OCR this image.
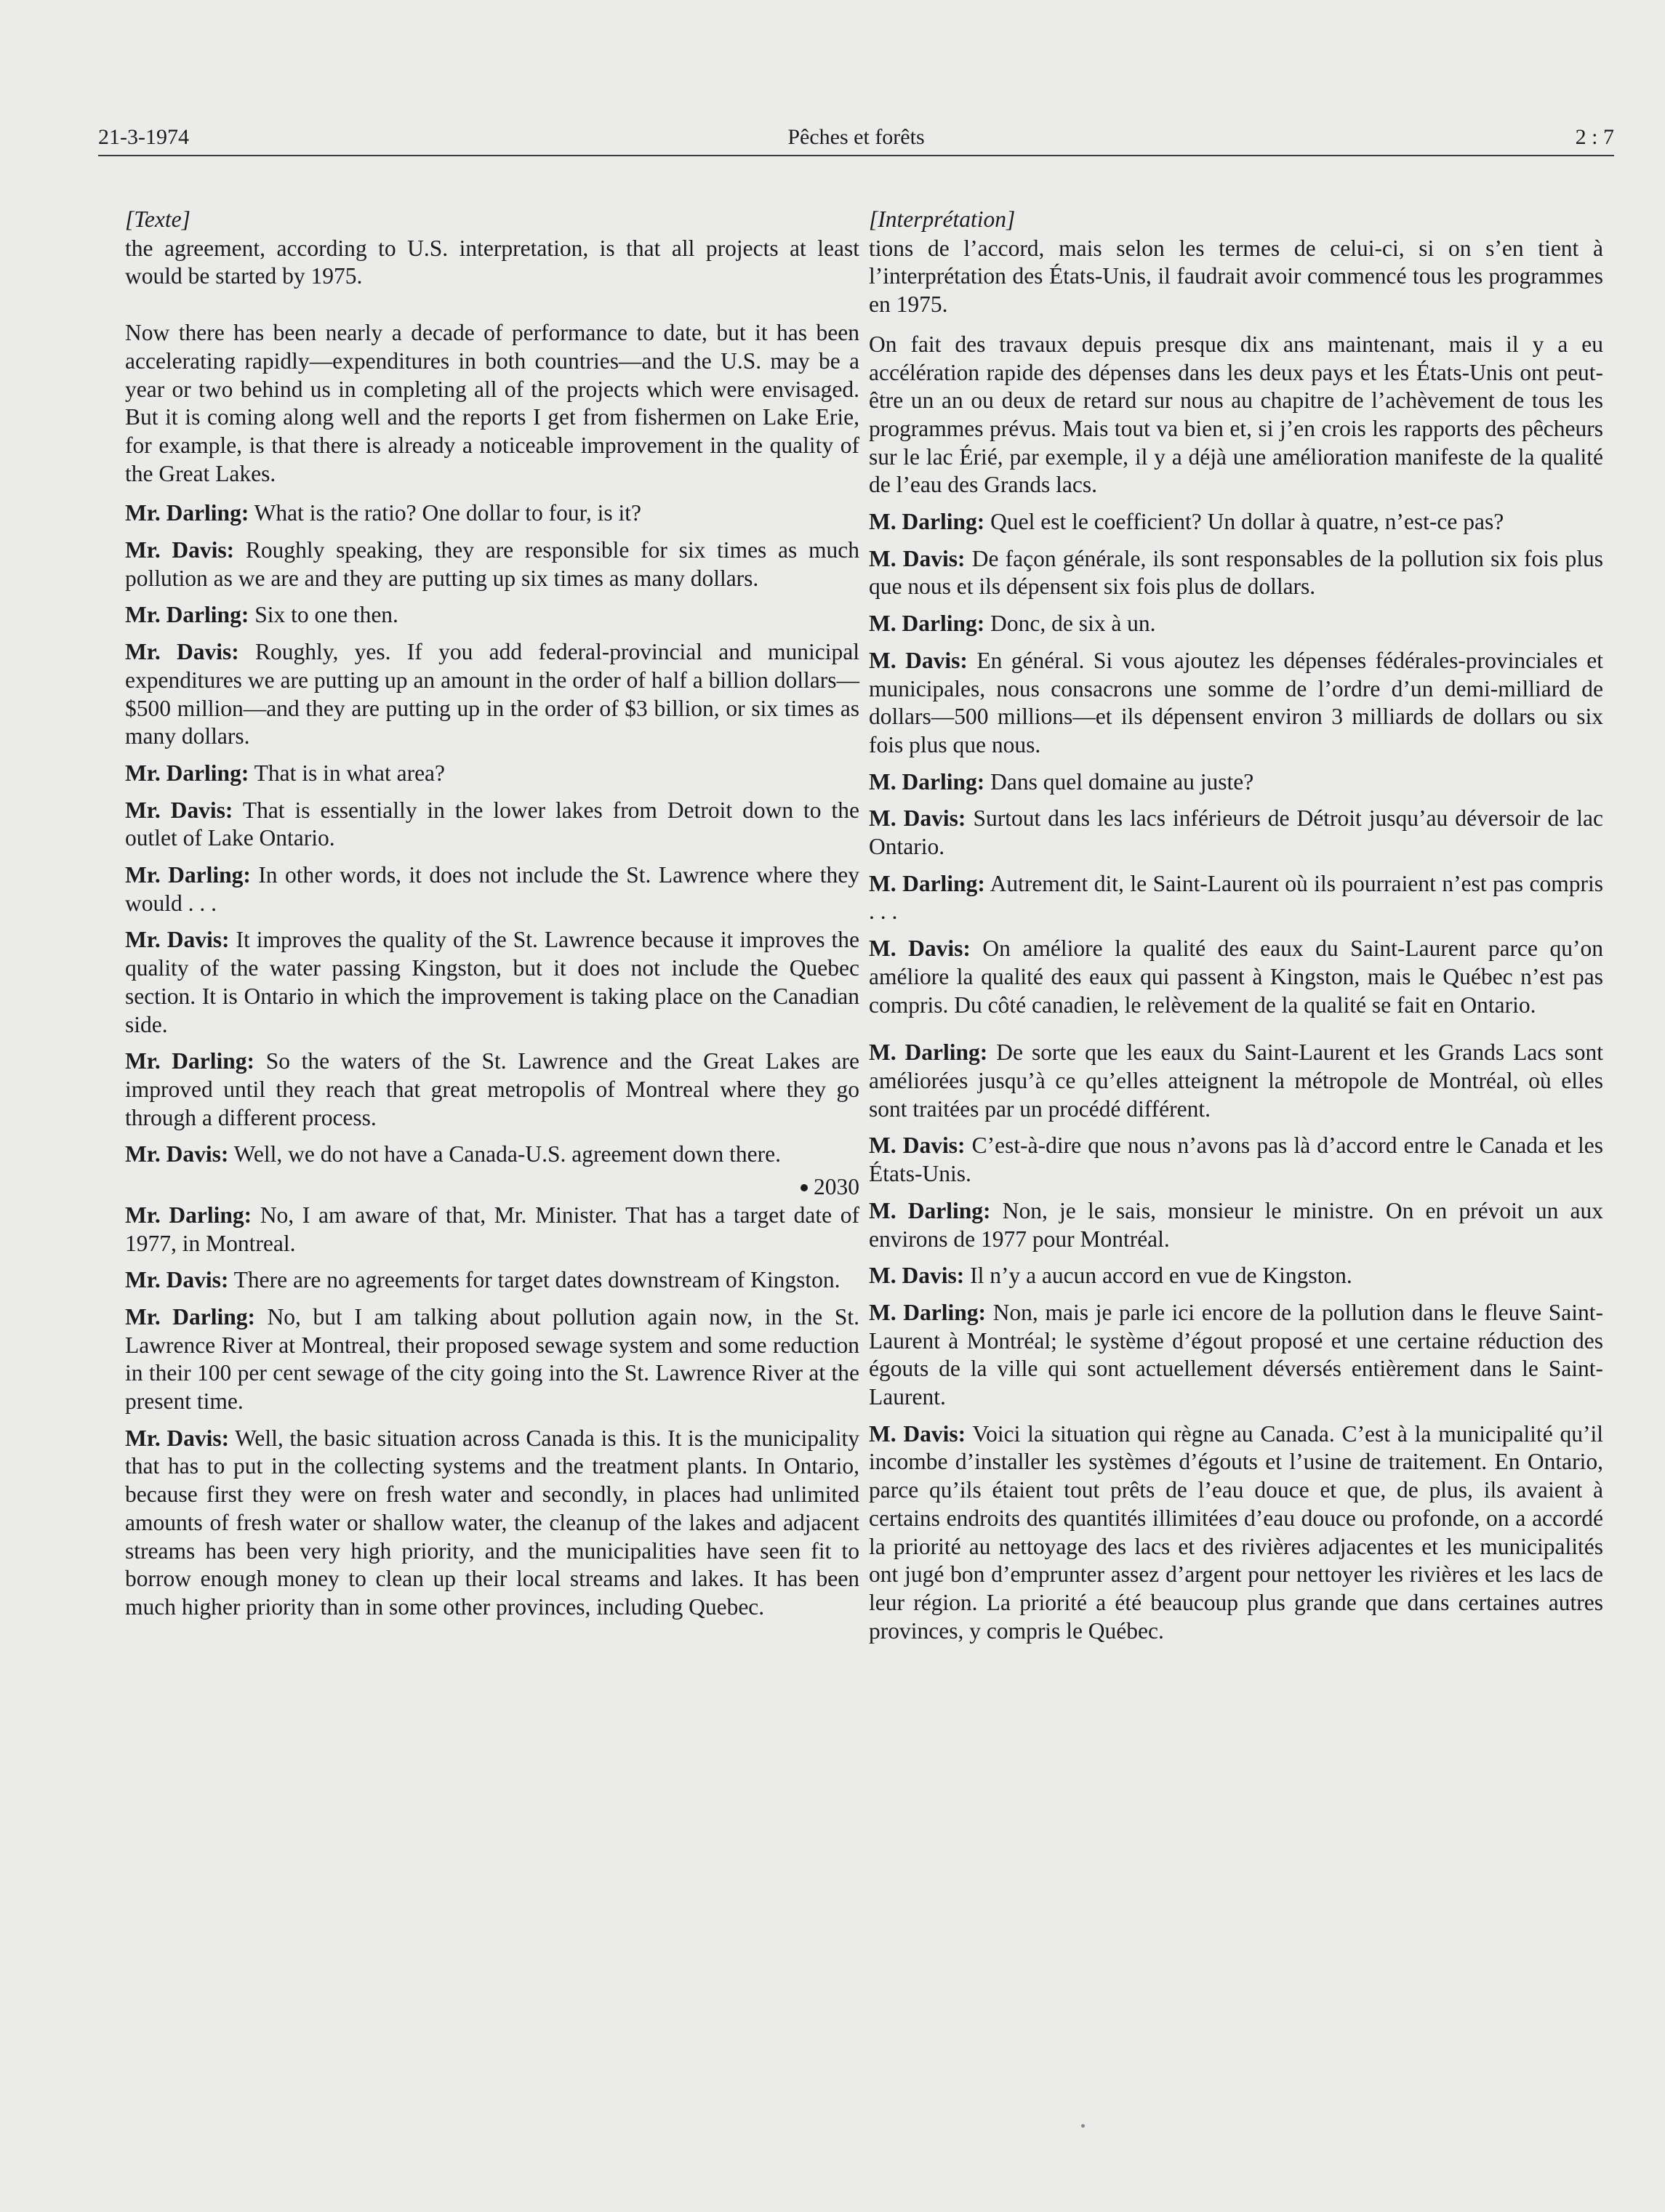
21-3-1974	Pêches et forêts	2 : 7
[Texte]
the agreement, according to U.S. interpretation, is that all projects at least would be started by 1975.
Now there has been nearly a decade of performance to date, but it has been accelerating rapidly—expenditures in both countries—and the U.S. may be a year or two behind us in completing all of the projects which were envisaged. But it is coming along well and the reports I get from fishermen on Lake Erie, for example, is that there is already a noticeable improvement in the quality of the Great Lakes.
Mr. Darling: What is the ratio? One dollar to four, is it?
Mr. Davis: Roughly speaking, they are responsible for six times as much pollution as we are and they are putting up six times as many dollars.
Mr. Darling: Six to one then.
Mr. Davis: Roughly, yes. If you add federal-provincial and municipal expenditures we are putting up an amount in the order of half a billion dollars—$500 million—and they are putting up in the order of $3 billion, or six times as many dollars.
Mr. Darling: That is in what area?
Mr. Davis: That is essentially in the lower lakes from Detroit down to the outlet of Lake Ontario.
Mr. Darling: In other words, it does not include the St. Lawrence where they would . . .
Mr. Davis: It improves the quality of the St. Lawrence because it improves the quality of the water passing Kingston, but it does not include the Quebec section. It is Ontario in which the improvement is taking place on the Canadian side.
Mr. Darling: So the waters of the St. Lawrence and the Great Lakes are improved until they reach that great metropolis of Montreal where they go through a different process.
Mr. Davis: Well, we do not have a Canada-U.S. agreement down there.
2030
Mr. Darling: No, I am aware of that, Mr. Minister. That has a target date of 1977, in Montreal.
Mr. Davis: There are no agreements for target dates downstream of Kingston.
Mr. Darling: No, but I am talking about pollution again now, in the St. Lawrence River at Montreal, their proposed sewage system and some reduction in their 100 per cent sewage of the city going into the St. Lawrence River at the present time.
Mr. Davis: Well, the basic situation across Canada is this. It is the municipality that has to put in the collecting systems and the treatment plants. In Ontario, because first they were on fresh water and secondly, in places had unlimited amounts of fresh water or shallow water, the cleanup of the lakes and adjacent streams has been very high priority, and the municipalities have seen fit to borrow enough money to clean up their local streams and lakes. It has been much higher priority than in some other provinces, including Quebec.
[Interprétation]
tions de l’accord, mais selon les termes de celui-ci, si on s’en tient à l’interprétation des États-Unis, il faudrait avoir commencé tous les programmes en 1975.
On fait des travaux depuis presque dix ans maintenant, mais il y a eu accélération rapide des dépenses dans les deux pays et les États-Unis ont peut-être un an ou deux de retard sur nous au chapitre de l’achèvement de tous les programmes prévus. Mais tout va bien et, si j’en crois les rapports des pêcheurs sur le lac Érié, par exemple, il y a déjà une amélioration manifeste de la qualité de l’eau des Grands lacs.
M. Darling: Quel est le coefficient? Un dollar à quatre, n’est-ce pas?
M. Davis: De façon générale, ils sont responsables de la pollution six fois plus que nous et ils dépensent six fois plus de dollars.
M. Darling: Donc, de six à un.
M. Davis: En général. Si vous ajoutez les dépenses fédérales-provinciales et municipales, nous consacrons une somme de l’ordre d’un demi-milliard de dollars—500 millions—et ils dépensent environ 3 milliards de dollars ou six fois plus que nous.
M. Darling: Dans quel domaine au juste?
M. Davis: Surtout dans les lacs inférieurs de Détroit jusqu’au déversoir de lac Ontario.
M. Darling: Autrement dit, le Saint-Laurent où ils pourraient n’est pas compris . . .
M. Davis: On améliore la qualité des eaux du Saint-Laurent parce qu’on améliore la qualité des eaux qui passent à Kingston, mais le Québec n’est pas compris. Du côté canadien, le relèvement de la qualité se fait en Ontario.
M. Darling: De sorte que les eaux du Saint-Laurent et les Grands Lacs sont améliorées jusqu’à ce qu’elles atteignent la métropole de Montréal, où elles sont traitées par un procédé différent.
M. Davis: C’est-à-dire que nous n’avons pas là d’accord entre le Canada et les États-Unis.
M. Darling: Non, je le sais, monsieur le ministre. On en prévoit un aux environs de 1977 pour Montréal.
M. Davis: Il n’y a aucun accord en vue de Kingston.
M. Darling: Non, mais je parle ici encore de la pollution dans le fleuve Saint-Laurent à Montréal; le système d’égout proposé et une certaine réduction des égouts de la ville qui sont actuellement déversés entièrement dans le Saint-Laurent.
M. Davis: Voici la situation qui règne au Canada. C’est à la municipalité qu’il incombe d’installer les systèmes d’égouts et l’usine de traitement. En Ontario, parce qu’ils étaient tout prêts de l’eau douce et que, de plus, ils avaient à certains endroits des quantités illimitées d’eau douce ou profonde, on a accordé la priorité au nettoyage des lacs et des rivières adjacentes et les municipalités ont jugé bon d’emprunter assez d’argent pour nettoyer les rivières et les lacs de leur région. La priorité a été beaucoup plus grande que dans certaines autres provinces, y compris le Québec.
